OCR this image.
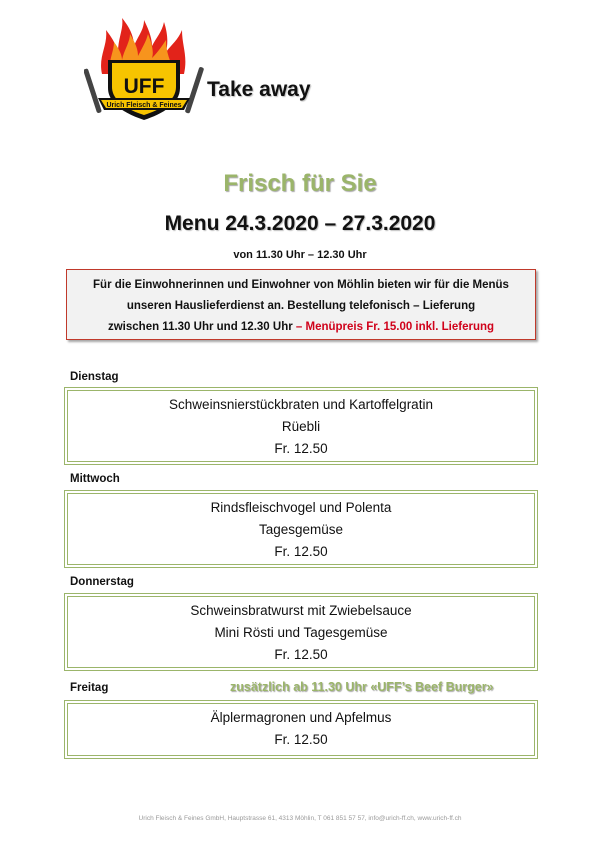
UFF
Urich Fleisch & Feines
Take away
Frisch für Sie
Menu 24.3.2020 – 27.3.2020
von 11.30 Uhr – 12.30 Uhr
Für die Einwohnerinnen und Einwohner von Möhlin bieten wir für die Menüs
unseren Hauslieferdienst an. Bestellung telefonisch – Lieferung
zwischen 11.30 Uhr und 12.30 Uhr – Menüpreis Fr. 15.00 inkl. Lieferung
Dienstag
Schweinsnierstückbraten und Kartoffelgratin
Rüebli
Fr. 12.50
Mittwoch
Rindsfleischvogel und Polenta
Tagesgemüse
Fr. 12.50
Donnerstag
Schweinsbratwurst mit Zwiebelsauce
Mini Rösti und Tagesgemüse
Fr. 12.50
Freitag	zusätzlich ab 11.30 Uhr «UFF’s Beef Burger»
Älplermagronen und Apfelmus
Fr. 12.50
Urich Fleisch & Feines GmbH, Hauptstrasse 61, 4313 Möhlin, T 061 851 57 57, info@urich-ff.ch, www.urich-ff.ch
